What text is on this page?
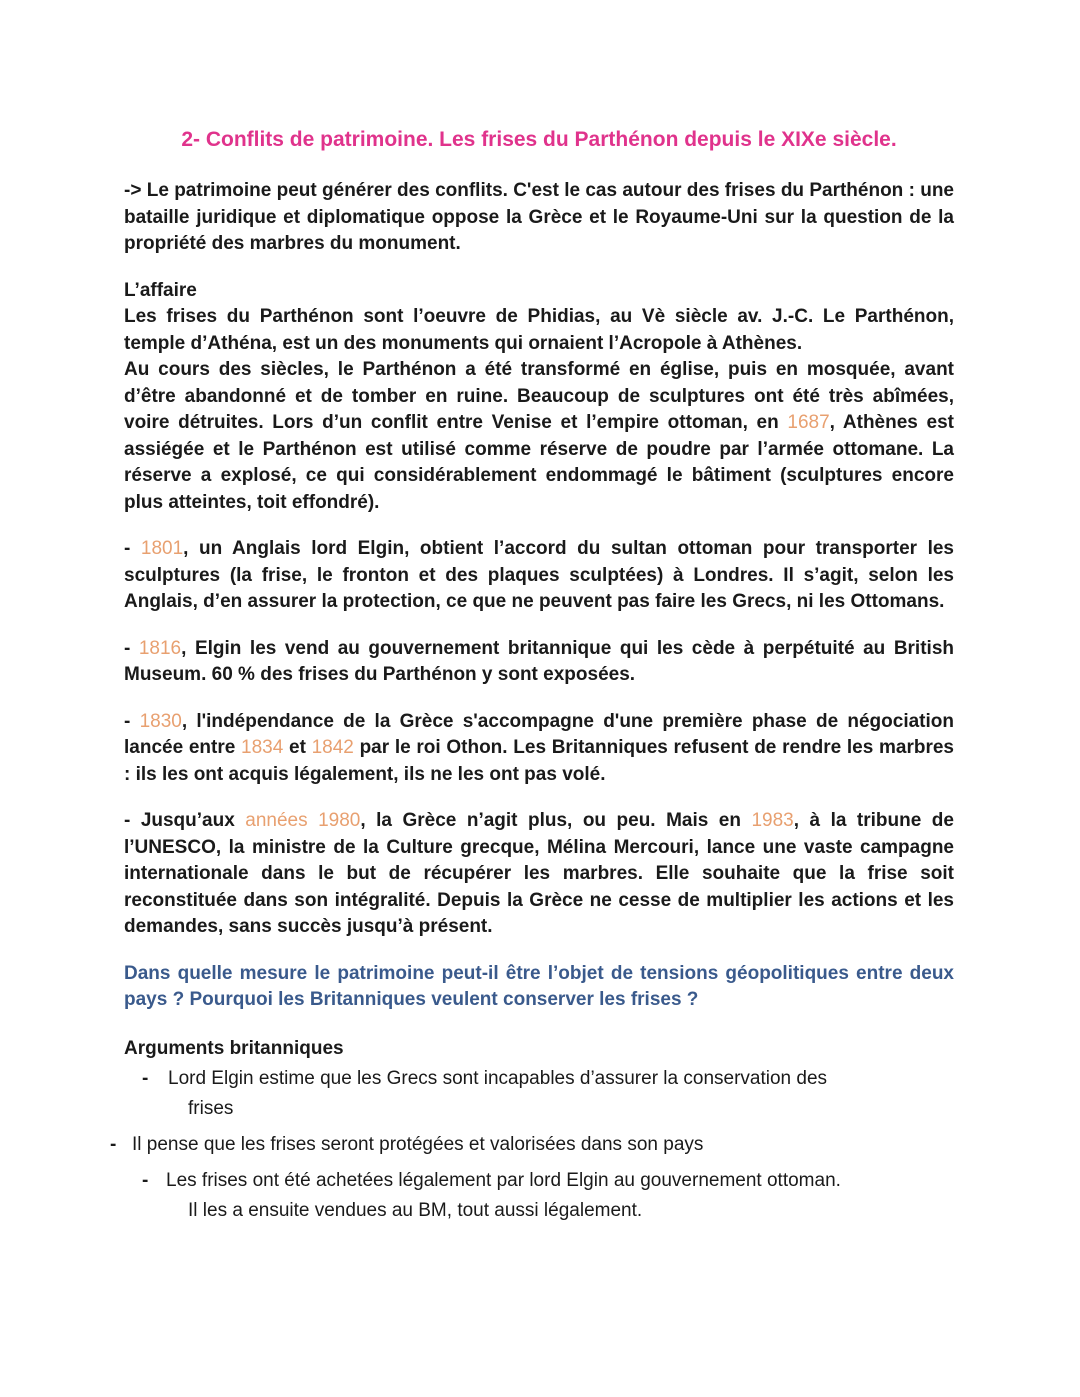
2- Conflits de patrimoine. Les frises du Parthénon depuis le XIXe siècle.

-> Le patrimoine peut générer des conflits. C'est le cas autour des frises du Parthénon : une bataille juridique et diplomatique oppose la Grèce et le Royaume-Uni sur la question de la propriété des marbres du monument.

L’affaire

Les frises du Parthénon sont l’oeuvre de Phidias, au Vè siècle av. J.-C. Le Parthénon, temple d’Athéna, est un des monuments qui ornaient l’Acropole à Athènes.

Au cours des siècles, le Parthénon a été transformé en église, puis en mosquée, avant d’être abandonné et de tomber en ruine. Beaucoup de sculptures ont été très abîmées, voire détruites. Lors d’un conflit entre Venise et l’empire ottoman, en 1687, Athènes est assiégée et le Parthénon est utilisé comme réserve de poudre par l’armée ottomane. La réserve a explosé, ce qui considérablement endommagé le bâtiment (sculptures encore plus atteintes, toit effondré).

- 1801, un Anglais lord Elgin, obtient l’accord du sultan ottoman pour transporter les sculptures (la frise, le fronton et des plaques sculptées) à Londres. Il s’agit, selon les Anglais, d’en assurer la protection, ce que ne peuvent pas faire les Grecs, ni les Ottomans.

- 1816, Elgin les vend au gouvernement britannique qui les cède à perpétuité au British Museum. 60 % des frises du Parthénon y sont exposées.

- 1830, l'indépendance de la Grèce s'accompagne d'une première phase de négociation lancée entre 1834 et 1842 par le roi Othon. Les Britanniques refusent de rendre les marbres : ils les ont acquis légalement, ils ne les ont pas volé.

- Jusqu’aux années 1980, la Grèce n’agit plus, ou peu. Mais en 1983, à la tribune de l’UNESCO, la ministre de la Culture grecque, Mélina Mercouri, lance une vaste campagne internationale dans le but de récupérer les marbres. Elle souhaite que la frise soit reconstituée dans son intégralité. Depuis la Grèce ne cesse de multiplier les actions et les demandes, sans succès jusqu’à présent.

Dans quelle mesure le patrimoine peut-il être l’objet de tensions géopolitiques entre deux pays ? Pourquoi les Britanniques veulent conserver les frises ?

Arguments britanniques
- Lord Elgin estime que les Grecs sont incapables d’assurer la conservation des
frises
- Il pense que les frises seront protégées et valorisées dans son pays
- Les frises ont été achetées légalement par lord Elgin au gouvernement ottoman.
Il les a ensuite vendues au BM, tout aussi légalement.
